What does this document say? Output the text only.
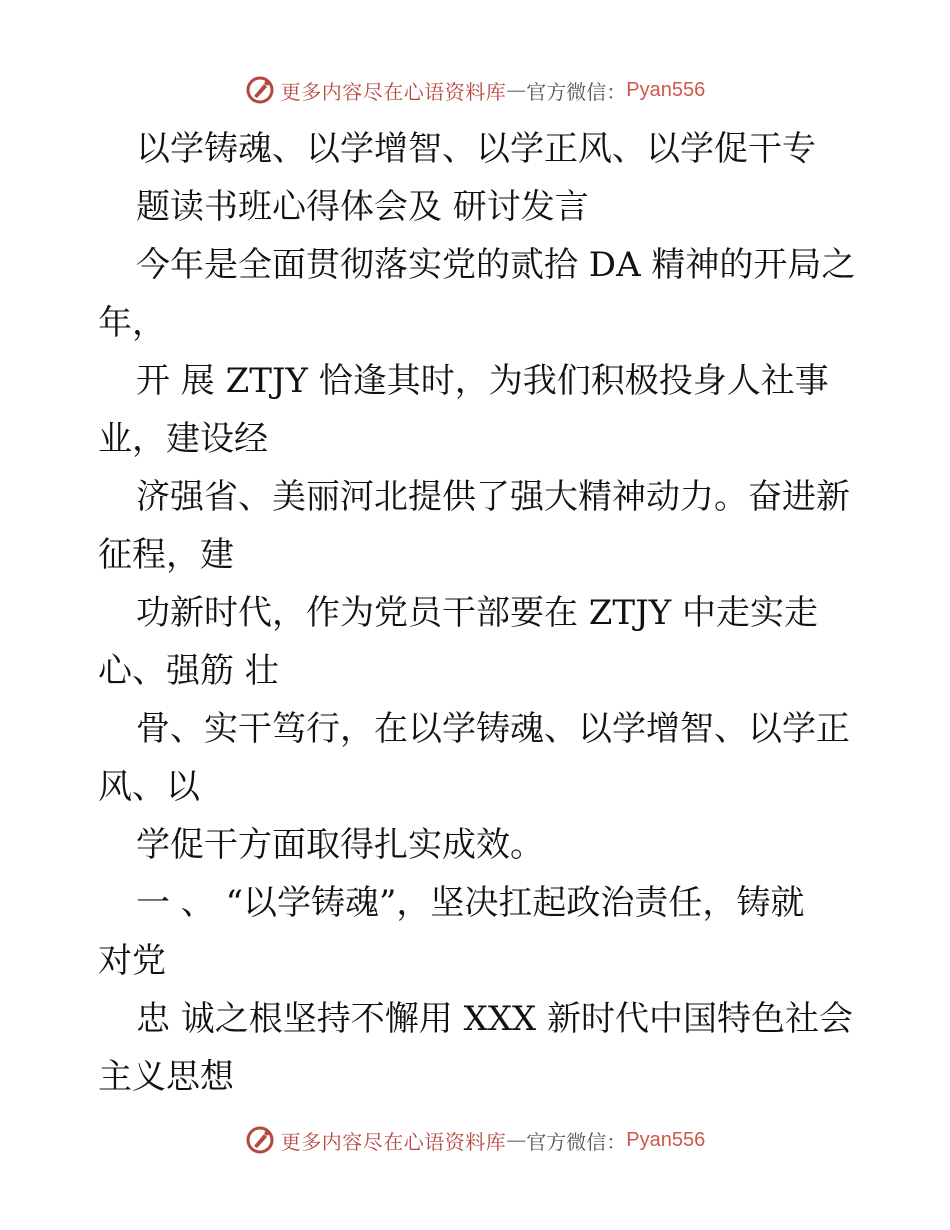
更多内容尽在心语资料库 — 官方微信： Pyan556
以学铸魂、以学增智、以学正风、以学促干专
题读书班心得体会及 研讨发言
今年是全面贯彻落实党的贰拾 DA 精神的开局之
年，
开 展 ZTJY 恰逢其时，为我们积极投身人社事
业，建设经
济强省、美丽河北提供了强大精神动力。奋进新
征程，建
功新时代，作为党员干部要在 ZTJY 中走实走
心、强筋 壮
骨、实干笃行，在以学铸魂、以学增智、以学正
风、以
学促干方面取得扎实成效。
一 、 “以学铸魂”，坚决扛起政治责任，铸就
对党
忠 诚之根坚持不懈用 XXX 新时代中国特色社会
主义思想
更多内容尽在心语资料库 — 官方微信： Pyan556
